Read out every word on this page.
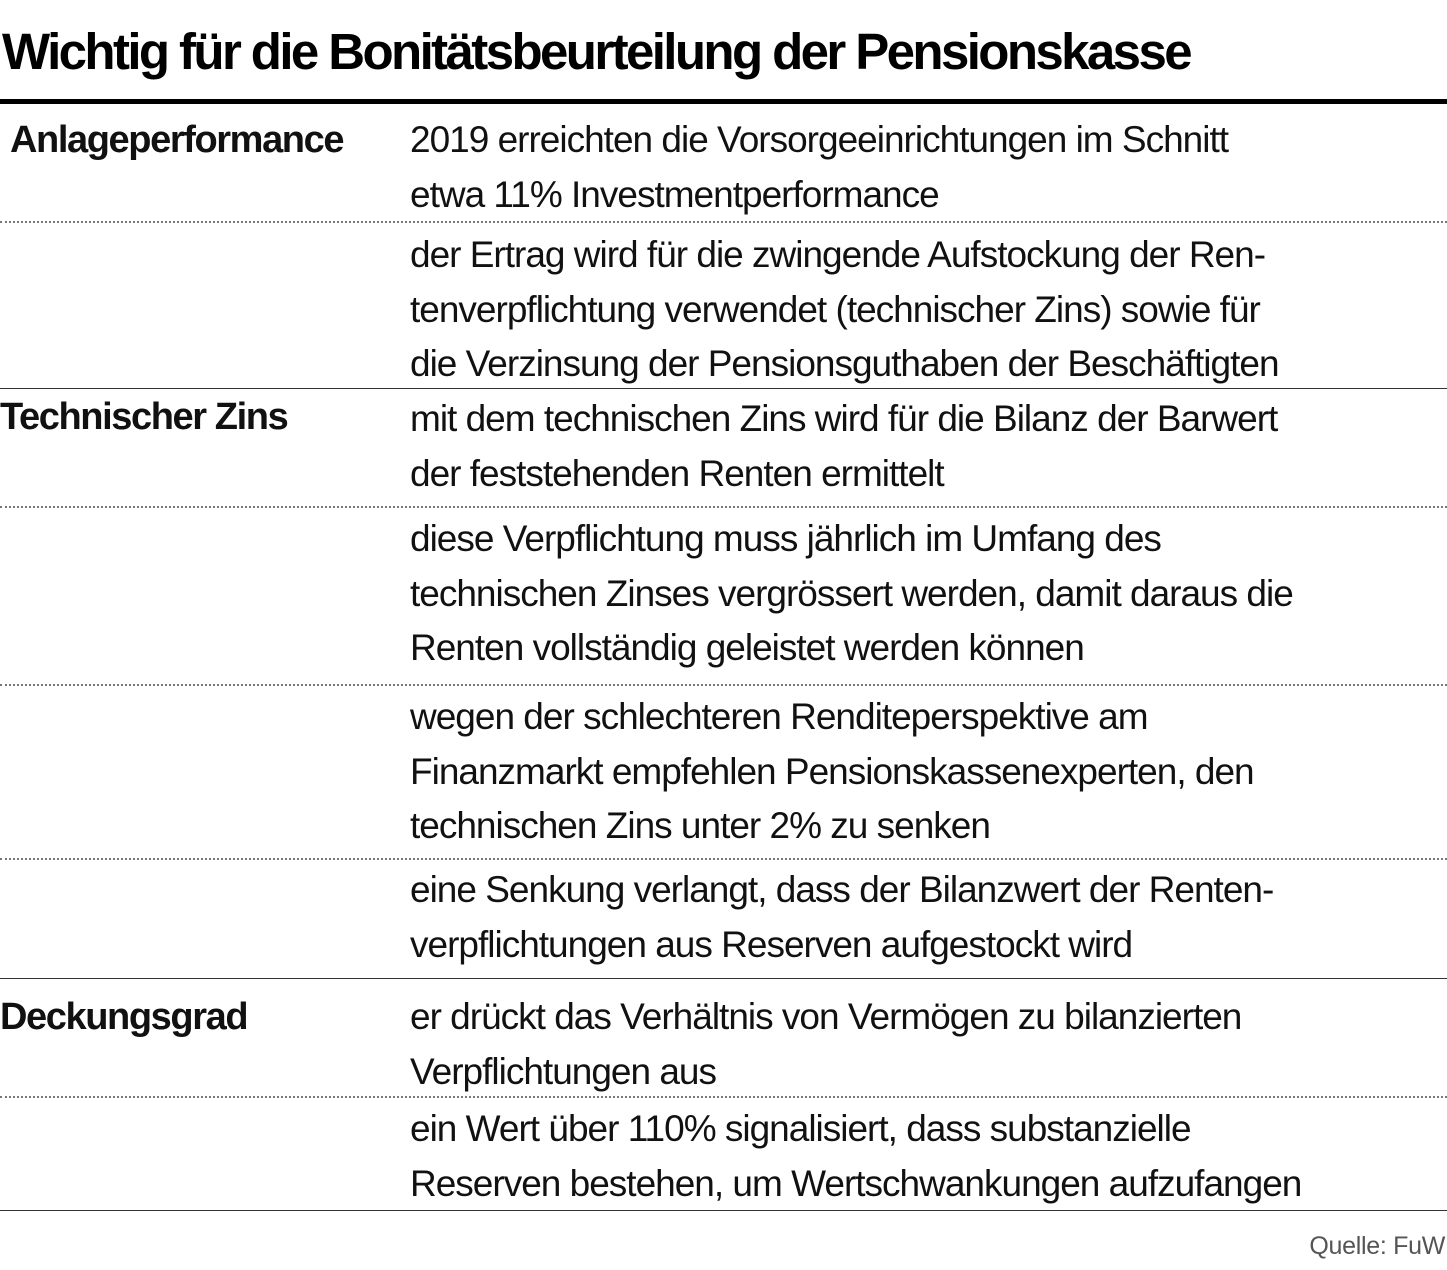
Wichtig für die Bonitätsbeurteilung der Pensionskasse
Anlageperformance 2019 erreichten die Vorsorgeeinrichtungen im Schnitt
etwa 11% Investmentperformance
der Ertrag wird für die zwingende Aufstockung der Ren-
tenverpflichtung verwendet (technischer Zins) sowie für
die Verzinsung der Pensionsguthaben der Beschäftigten
Technischer Zins	mit dem technischen Zins wird für die Bilanz der Barwert
der feststehenden Renten ermittelt
diese Verpflichtung muss jährlich im Umfang des
technischen Zinses vergrössert werden, damit daraus die
Renten vollständig geleistet werden können
wegen der schlechteren Renditeperspektive am
Finanzmarkt empfehlen Pensionskassenexperten, den
technischen Zins unter 2% zu senken
eine Senkung verlangt, dass der Bilanzwert der Renten-
verpflichtungen aus Reserven aufgestockt wird
Deckungsgrad	er drückt das Verhältnis von Vermögen zu bilanzierten
Verpflichtungen aus
ein Wert über 110% signalisiert, dass substanzielle
Reserven bestehen, um Wertschwankungen aufzufangen
Quelle: FuW
